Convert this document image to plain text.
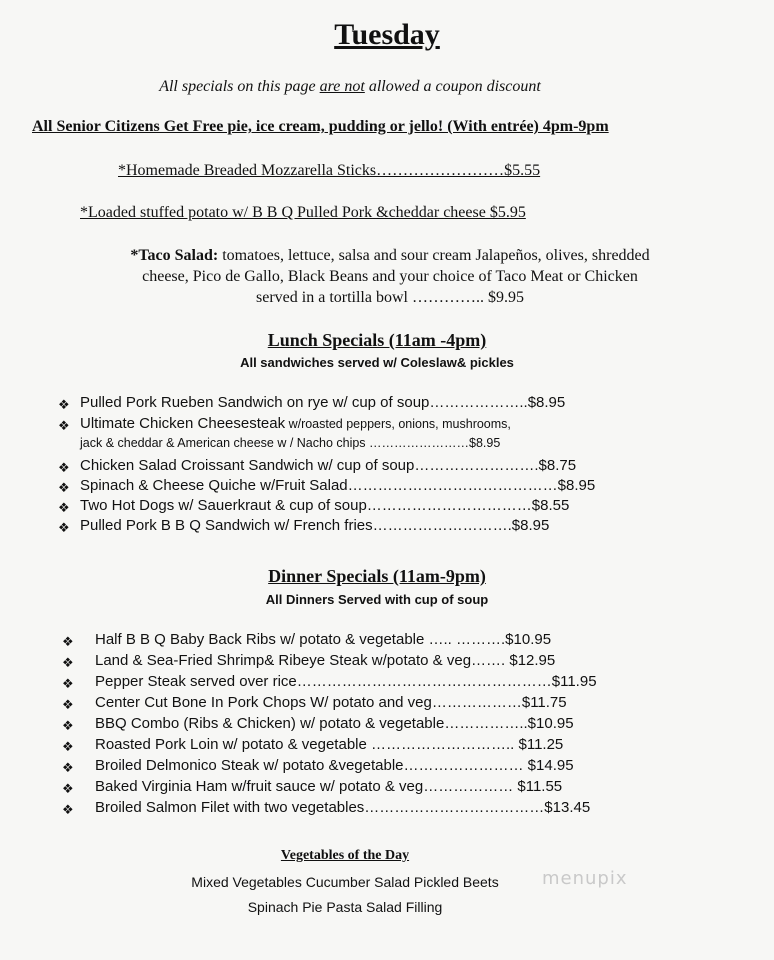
Tuesday
All specials on this page are not allowed a coupon discount
All Senior Citizens Get Free pie, ice cream, pudding or jello! (With entrée) 4pm-9pm
*Homemade Breaded Mozzarella Sticks……………………$5.55
*Loaded stuffed potato w/ B B Q Pulled Pork &cheddar cheese $5.95
*Taco Salad: tomatoes, lettuce, salsa and sour cream Jalapeños, olives, shredded
cheese, Pico de Gallo, Black Beans and your choice of Taco Meat or Chicken
served in a tortilla bowl ………….. $9.95
Lunch Specials (11am -4pm)
All sandwiches served w/ Coleslaw& pickles
❖ Pulled Pork Rueben Sandwich on rye w/ cup of soup………………..$8.95
❖ Ultimate Chicken Cheesesteak w/roasted peppers, onions, mushrooms,
jack & cheddar & American cheese w / Nacho chips ……………………$8.95
❖ Chicken Salad Croissant Sandwich w/ cup of soup…………………….$8.75
❖ Spinach & Cheese Quiche w/Fruit Salad……………………………………$8.95
❖ Two Hot Dogs w/ Sauerkraut & cup of soup……………………………$8.55
❖ Pulled Pork B B Q Sandwich w/ French fries……………………….$8.95
Dinner Specials (11am-9pm)
All Dinners Served with cup of soup
❖ Half B B Q Baby Back Ribs w/ potato & vegetable ….. ……….$10.95
❖ Land & Sea-Fried Shrimp& Ribeye Steak w/potato & veg……. $12.95
❖ Pepper Steak served over rice……………………………………………$11.95
❖ Center Cut Bone In Pork Chops W/ potato and veg………………$11.75
❖ BBQ Combo (Ribs & Chicken) w/ potato & vegetable……………..$10.95
❖ Roasted Pork Loin w/ potato & vegetable ……………………….. $11.25
❖ Broiled Delmonico Steak w/ potato &vegetable…………………… $14.95
❖ Baked Virginia Ham w/fruit sauce w/ potato & veg……………… $11.55
❖ Broiled Salmon Filet with two vegetables………………………………$13.45
Vegetables of the Day
Mixed Vegetables Cucumber Salad Pickled Beets
Spinach Pie Pasta Salad Filling
menupix
